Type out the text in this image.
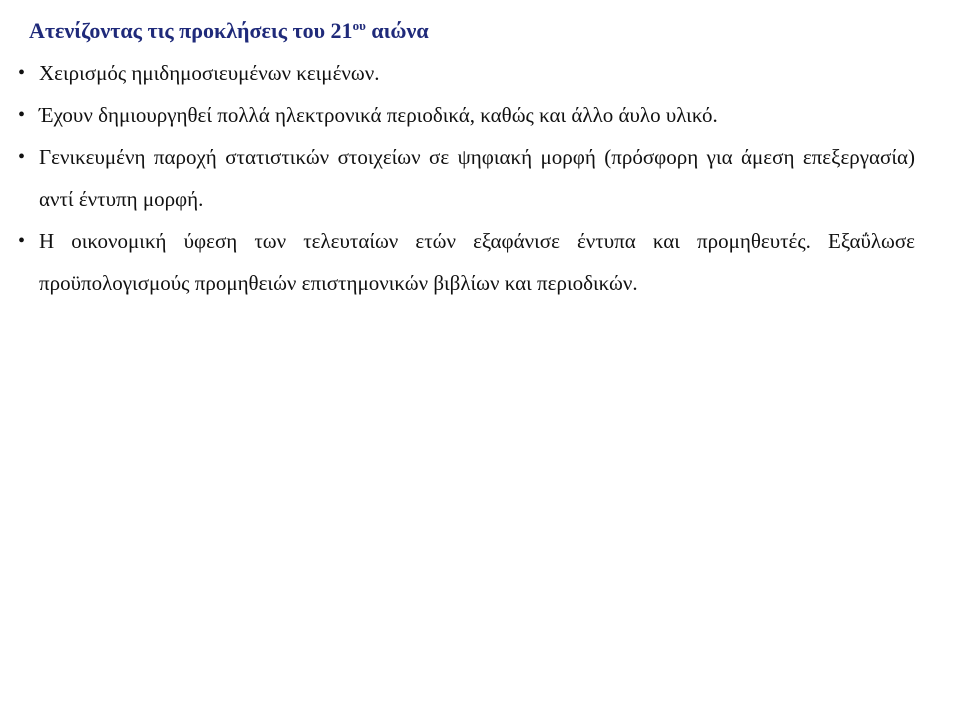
Ατενίζοντας τις προκλήσεις του $21^{o\upsilon}$ αιώνα
• Χειρισμός ημιδημοσιευμένων κειμένων.
• Έχουν δημιουργηθεί πολλά ηλεκτρονικά περιοδικά, καθώς και άλλο άυλο υλικό.
• Γενικευμένη παροχή στατιστικών στοιχείων σε ψηφιακή μορφή (πρόσφορη για άμεση επεξεργασία) αντί έντυπη μορφή.
• Η οικονομική ύφεση των τελευταίων ετών εξαφάνισε έντυπα και προμηθευτές. Εξαΰλωσε προϋπολογισμούς προμηθειών επιστημονικών βιβλίων και περιοδικών.
